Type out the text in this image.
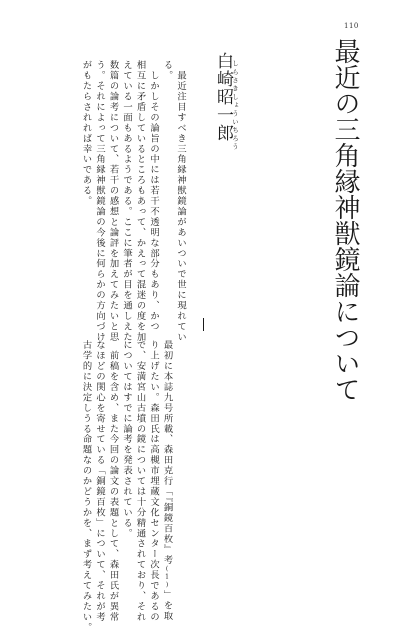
110
最近の三角縁神獣鏡論について
白崎昭一郎
しらさきしょういちろう
　最近注目すべき三角縁神獣鏡論があいついで世に現れてい
る。
　しかしその論旨の中には若干不透明な部分もあり、かつ
相互に矛盾しているところもあって、かえって混迷の度を加
えている一面もあるようである。ここに筆者が目を通しえた
数篇の論考について、若干の感想と論評を加えてみたいと思
う。それによって三角縁神獣鏡論の今後に何らかの方向づけ
がもたらされれば幸いである。
最初に本誌九号所載、森田克行「『銅鏡百枚』考(1)」を取
り上げたい。森田氏は高槻市埋蔵文化センター次長であるの
で、安満宮山古墳の鏡については十分精通されており、それ
についてはすでに論考を発表されている。
　前稿を含め、また今回の論文の表題として、森田氏が異常
なほどの関心を寄せている「銅鏡百枚」について、それが考
古学的に決定しうる命題なのかどうかを、まず考えてみたい。
